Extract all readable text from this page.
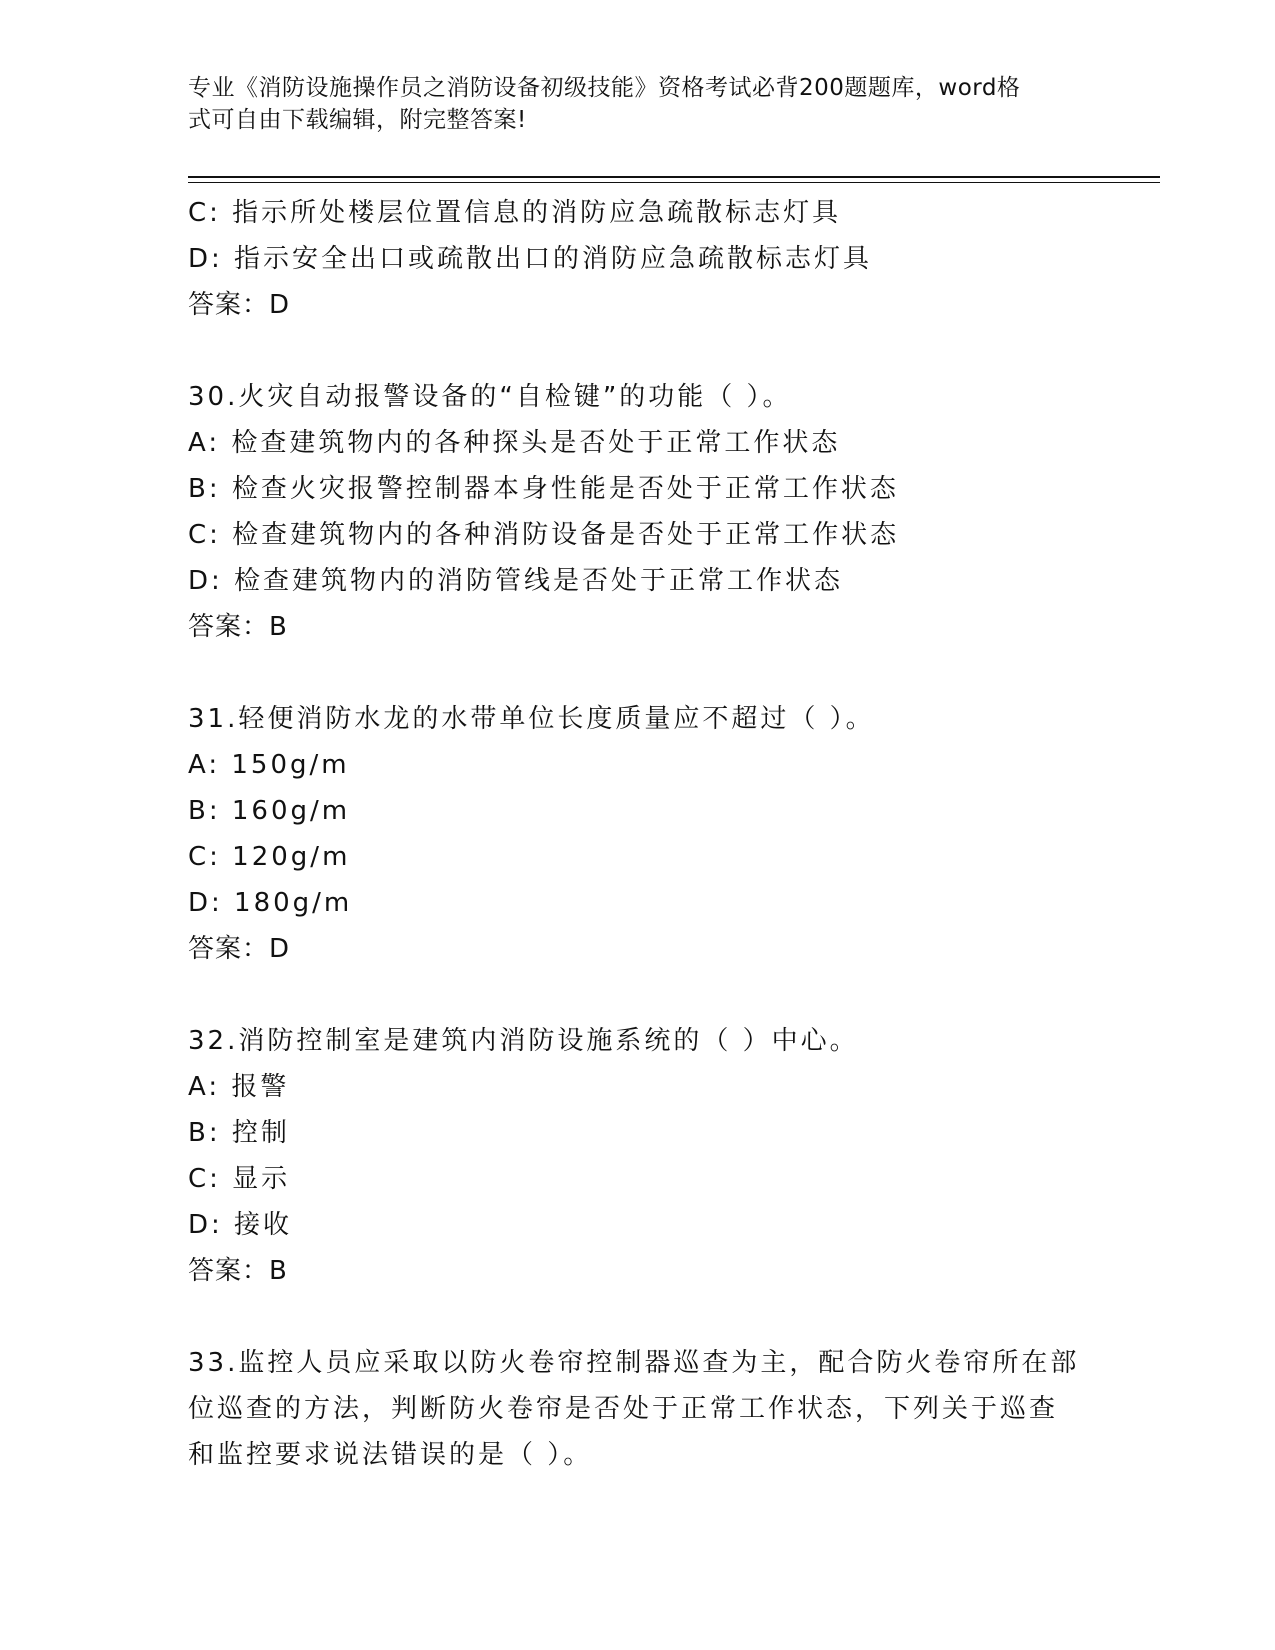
专业《消防设施操作员之消防设备初级技能》资格考试必背200题题库，word格
式可自由下载编辑，附完整答案!
C: 指示所处楼层位置信息的消防应急疏散标志灯具
D: 指示安全出口或疏散出口的消防应急疏散标志灯具
答案：D
30.火灾自动报警设备的“自检键”的功能（ ）。
A: 检查建筑物内的各种探头是否处于正常工作状态
B: 检查火灾报警控制器本身性能是否处于正常工作状态
C: 检查建筑物内的各种消防设备是否处于正常工作状态
D: 检查建筑物内的消防管线是否处于正常工作状态
答案：B
31.轻便消防水龙的水带单位长度质量应不超过（ ）。
A: 150g/m
B: 160g/m
C: 120g/m
D: 180g/m
答案：D
32.消防控制室是建筑内消防设施系统的（ ）中心。
A: 报警
B: 控制
C: 显示
D: 接收
答案：B
33.监控人员应采取以防火卷帘控制器巡查为主，配合防火卷帘所在部
位巡查的方法，判断防火卷帘是否处于正常工作状态，下列关于巡查
和监控要求说法错误的是（ ）。
